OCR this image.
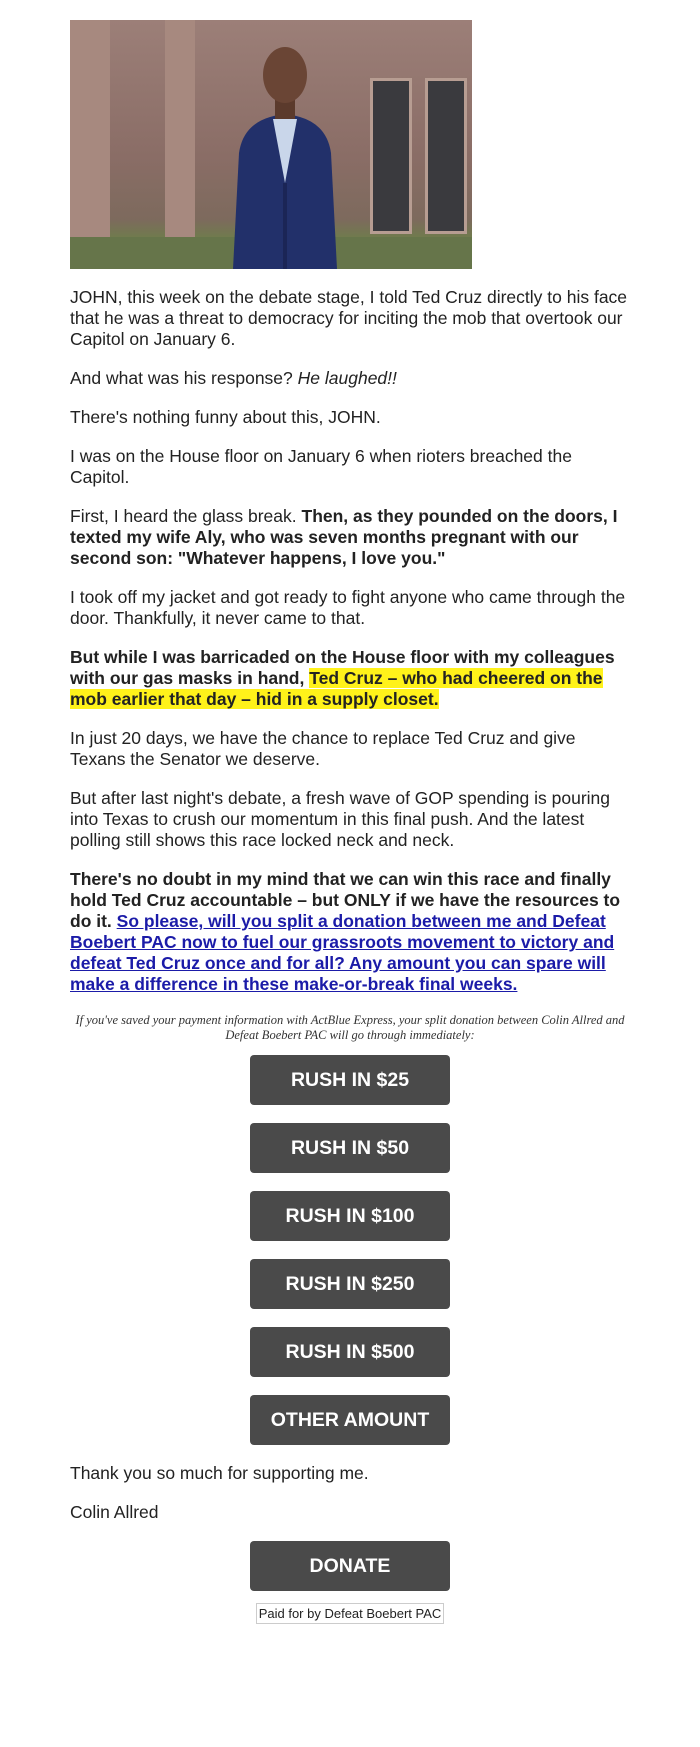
JOHN, this week on the debate stage, I told Ted Cruz directly to his face that he was a threat to democracy for inciting the mob that overtook our Capitol on January 6.

And what was his response? He laughed!!

There's nothing funny about this, JOHN.

I was on the House floor on January 6 when rioters breached the Capitol.

First, I heard the glass break. Then, as they pounded on the doors, I texted my wife Aly, who was seven months pregnant with our second son: "Whatever happens, I love you."

I took off my jacket and got ready to fight anyone who came through the door. Thankfully, it never came to that.

But while I was barricaded on the House floor with my colleagues with our gas masks in hand, Ted Cruz – who had cheered on the mob earlier that day – hid in a supply closet.

In just 20 days, we have the chance to replace Ted Cruz and give Texans the Senator we deserve.

But after last night's debate, a fresh wave of GOP spending is pouring into Texas to crush our momentum in this final push. And the latest polling still shows this race locked neck and neck.

There's no doubt in my mind that we can win this race and finally hold Ted Cruz accountable – but ONLY if we have the resources to do it. So please, will you split a donation between me and Defeat Boebert PAC now to fuel our grassroots movement to victory and defeat Ted Cruz once and for all? Any amount you can spare will make a difference in these make-or-break final weeks.

If you've saved your payment information with ActBlue Express, your split donation between Colin Allred and Defeat Boebert PAC will go through immediately:
RUSH IN $25
RUSH IN $50
RUSH IN $100
RUSH IN $250
RUSH IN $500
OTHER AMOUNT

Thank you so much for supporting me.

Colin Allred

DONATE
Paid for by Defeat Boebert PAC
